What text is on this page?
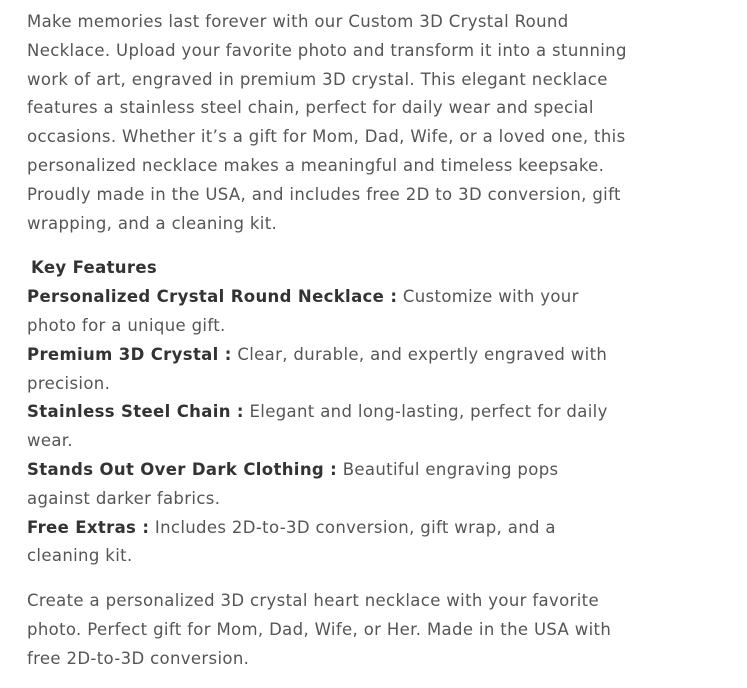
Make memories last forever with our Custom 3D Crystal Round Necklace. Upload your favorite photo and transform it into a stunning work of art, engraved in premium 3D crystal. This elegant necklace features a stainless steel chain, perfect for daily wear and special occasions. Whether it’s a gift for Mom, Dad, Wife, or a loved one, this personalized necklace makes a meaningful and timeless keepsake. Proudly made in the USA, and includes free 2D to 3D conversion, gift wrapping, and a cleaning kit.

Key Features

Personalized Crystal Round Necklace : Customize with your photo for a unique gift.

Premium 3D Crystal : Clear, durable, and expertly engraved with precision.

Stainless Steel Chain : Elegant and long-lasting, perfect for daily wear.

Stands Out Over Dark Clothing : Beautiful engraving pops against darker fabrics.

Free Extras : Includes 2D-to-3D conversion, gift wrap, and a cleaning kit.

Create a personalized 3D crystal heart necklace with your favorite photo. Perfect gift for Mom, Dad, Wife, or Her. Made in the USA with free 2D-to-3D conversion.
